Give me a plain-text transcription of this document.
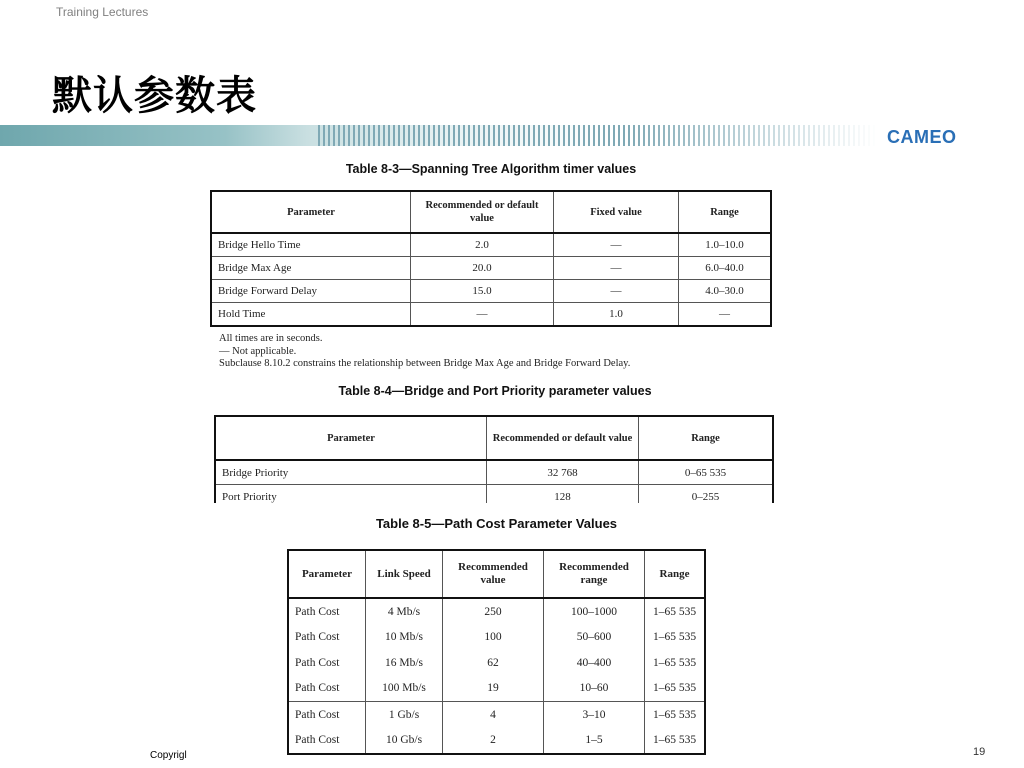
Training Lectures
默认参数表
CAMEO
Table 8-3—Spanning Tree Algorithm timer values
Parameter	Recommended or default value	Fixed value	Range
Bridge Hello Time	2.0	—	1.0–10.0
Bridge Max Age	20.0	—	6.0–40.0
Bridge Forward Delay	15.0	—	4.0–30.0
Hold Time	—	1.0	—
All times are in seconds.
— Not applicable.
Subclause 8.10.2 constrains the relationship between Bridge Max Age and Bridge Forward Delay.
Table 8-4—Bridge and Port Priority parameter values
Parameter	Recommended or default value	Range
Bridge Priority	32 768	0–65 535
Port Priority	128	0–255
Table 8-5—Path Cost Parameter Values
Parameter	Link Speed	Recommended value	Recommended range	Range
Path Cost	4 Mb/s	250	100–1000	1–65 535
Path Cost	10 Mb/s	100	50–600	1–65 535
Path Cost	16 Mb/s	62	40–400	1–65 535
Path Cost	100 Mb/s	19	10–60	1–65 535
Path Cost	1 Gb/s	4	3–10	1–65 535
Path Cost	10 Gb/s	2	1–5	1–65 535
Copyrigl	19
